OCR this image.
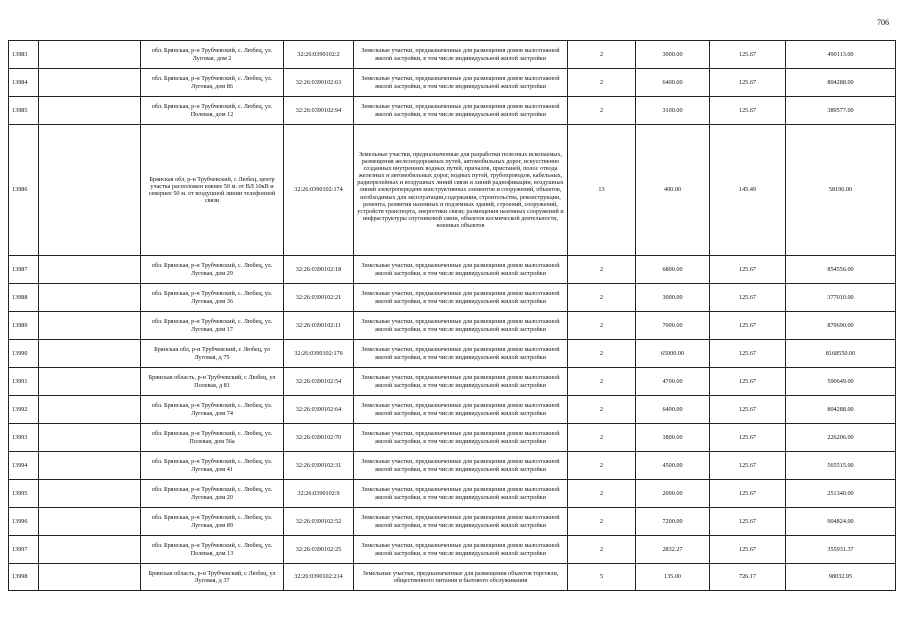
706
13983		обл. Брянская, р-н Трубчевский, с. Любец, ул. Луговая, дом 2	32:26:0390102:2	Земельные участки, предназначенные для размещения домов малоэтажной жилой застройки, в том числе индивидуальной жилой застройки	2	3900.00	125.67	490113.00
13984		обл. Брянская, р-н Трубчевский, с. Любец, ул. Луговая, дом 86	32:26:0390102:63	Земельные участки, предназначенные для размещения домов малоэтажной жилой застройки, в том числе индивидуальной жилой застройки	2	6400.00	125.67	804288.00
13985		обл. Брянская, р-н Трубчевский, с. Любец, ул. Полевая, дом 12	32:26:0390102:94	Земельные участки, предназначенные для размещения домов малоэтажной жилой застройки, в том числе индивидуальной жилой застройки	2	3100.00	125.67	389577.00
13986		Брянская обл, р-н Трубчевский, с Любец, центр участка расположен южнее 50 м. от ВЛ 10кВ и севернее 50 м. от воздушной линии телефонной связи	32:26:0390102:174	Земельные участки, предназначенные для разработки полезных ископаемых, размещения железнодорожных путей, автомобильных дорог, искусственно созданных внутренних водных путей, причалов, пристаней, полос отвода железных и автомобильных дорог, водных путей, трубопроводов, кабельных, радиорелейных и воздушных линий связи и линий радиофикации, воздушных линий электропередачи конструктивных элементов и сооружений, объектов, необходимых для эксплуатации,содержания, строительства, реконструкции, ремонта, развития наземных и подземных зданий, строений, сооружений, устройств транспорта, энергетики связи; размещения наземных сооружений и инфраструктуры спутниковой связи, объектов космической деятельности, военных объектов	13	400.00	145.49	58196.00
13987		обл. Брянская, р-н Трубчевский, с. Любец, ул. Луговая, дом 29	32:26:0390102:18	Земельные участки, предназначенные для размещения домов малоэтажной жилой застройки, в том числе индивидуальной жилой застройки	2	6800.00	125.67	854556.00
13988		обл. Брянская, р-н Трубчевский, с. Любец, ул. Луговая, дом 36	32:26:0390102:21	Земельные участки, предназначенные для размещения домов малоэтажной жилой застройки, в том числе индивидуальной жилой застройки	2	3000.00	125.67	377010.00
13989		обл. Брянская, р-н Трубчевский, с. Любец, ул. Луговая, дом 17	32:26:0390102:11	Земельные участки, предназначенные для размещения домов малоэтажной жилой застройки, в том числе индивидуальной жилой застройки	2	7000.00	125.67	879690.00
13990		Брянская обл, р-н Трубчевский, с Любец, ул Луговая, д 75	32:26:0390102:176	Земельные участки, предназначенные для размещения домов малоэтажной жилой застройки, в том числе индивидуальной жилой застройки	2	65000.00	125.67	8168550.00
13991		Брянская область, р-н Трубчевский, с Любец, ул Полевая, д 81	32:26:0390102:54	Земельные участки, предназначенные для размещения домов малоэтажной жилой застройки, в том числе индивидуальной жилой застройки	2	4700.00	125.67	590649.00
13992		обл. Брянская, р-н Трубчевский, с. Любец, ул. Луговая, дом 74	32:26:0390102:64	Земельные участки, предназначенные для размещения домов малоэтажной жилой застройки, в том числе индивидуальной жилой застройки	2	6400.00	125.67	804288.00
13993		обл. Брянская, р-н Трубчевский, с. Любец, ул. Полевая, дом 56а	32:26:0390102:70	Земельные участки, предназначенные для размещения домов малоэтажной жилой застройки, в том числе индивидуальной жилой застройки	2	1800.00	125.67	226206.00
13994		обл. Брянская, р-н Трубчевский, с. Любец, ул. Луговая, дом 41	32:26:0390102:31	Земельные участки, предназначенные для размещения домов малоэтажной жилой застройки, в том числе индивидуальной жилой застройки	2	4500.00	125.67	565515.00
13995		обл. Брянская, р-н Трубчевский, с. Любец, ул. Луговая, дом 20	32:26:0390102:9	Земельные участки, предназначенные для размещения домов малоэтажной жилой застройки, в том числе индивидуальной жилой застройки	2	2000.00	125.67	251340.00
13996		обл. Брянская, р-н Трубчевский, с. Любец, ул. Луговая, дом 89	32:26:0390102:52	Земельные участки, предназначенные для размещения домов малоэтажной жилой застройки, в том числе индивидуальной жилой застройки	2	7200.00	125.67	904824.00
13997		обл. Брянская, р-н Трубчевский, с. Любец, ул. Полевая, дом 13	32:26:0390102:25	Земельные участки, предназначенные для размещения домов малоэтажной жилой застройки, в том числе индивидуальной жилой застройки	2	2832.27	125.67	355931.37
13998		Брянская область, р-н Трубчевский, с Любец, ул Луговая, д 37	32:26:0390102:214	Земельные участки, предназначенные для размещения объектов торговли, общественного питания и бытового обслуживания	5	135.00	726.17	98032.95
